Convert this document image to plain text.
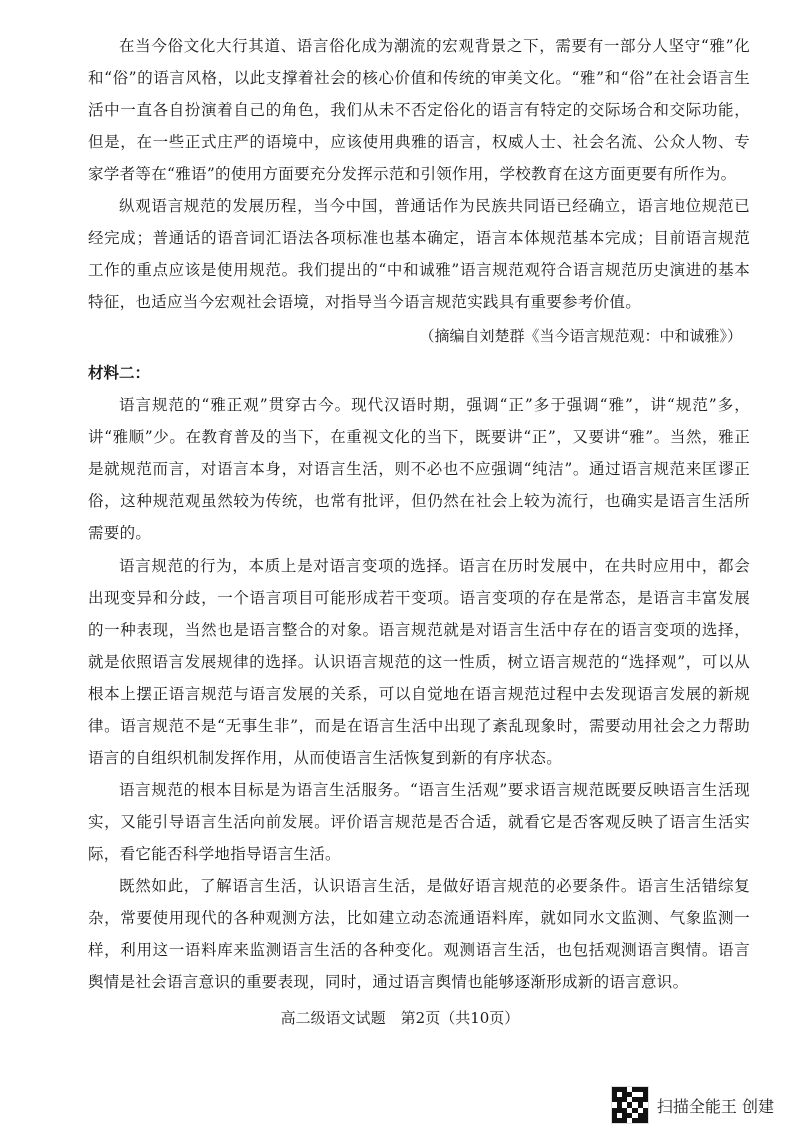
在当今俗文化大行其道、语言俗化成为潮流的宏观背景之下，需要有一部分人坚守“雅”化和“俗”的语言风格，以此支撑着社会的核心价值和传统的审美文化。“雅”和“俗”在社会语言生活中一直各自扮演着自己的角色，我们从未不否定俗化的语言有特定的交际场合和交际功能，但是，在一些正式庄严的语境中，应该使用典雅的语言，权威人士、社会名流、公众人物、专家学者等在“雅语”的使用方面要充分发挥示范和引领作用，学校教育在这方面更要有所作为。

纵观语言规范的发展历程，当今中国，普通话作为民族共同语已经确立，语言地位规范已经完成；普通话的语音词汇语法各项标准也基本确定，语言本体规范基本完成；目前语言规范工作的重点应该是使用规范。我们提出的“中和诚雅”语言规范观符合语言规范历史演进的基本特征，也适应当今宏观社会语境，对指导当今语言规范实践具有重要参考价值。

（摘编自刘楚群《当今语言规范观：中和诚雅》）
材料二：

语言规范的“雅正观”贯穿古今。现代汉语时期，强调“正”多于强调“雅”，讲“规范”多，讲“雅顺”少。在教育普及的当下，在重视文化的当下，既要讲“正”，又要讲“雅”。当然，雅正是就规范而言，对语言本身，对语言生活，则不必也不应强调“纯洁”。通过语言规范来匡谬正俗，这种规范观虽然较为传统，也常有批评，但仍然在社会上较为流行，也确实是语言生活所需要的。

语言规范的行为，本质上是对语言变项的选择。语言在历时发展中，在共时应用中，都会出现变异和分歧，一个语言项目可能形成若干变项。语言变项的存在是常态，是语言丰富发展的一种表现，当然也是语言整合的对象。语言规范就是对语言生活中存在的语言变项的选择，就是依照语言发展规律的选择。认识语言规范的这一性质，树立语言规范的“选择观”，可以从根本上摆正语言规范与语言发展的关系，可以自觉地在语言规范过程中去发现语言发展的新规律。语言规范不是“无事生非”，而是在语言生活中出现了紊乱现象时，需要动用社会之力帮助语言的自组织机制发挥作用，从而使语言生活恢复到新的有序状态。

语言规范的根本目标是为语言生活服务。“语言生活观”要求语言规范既要反映语言生活现实，又能引导语言生活向前发展。评价语言规范是否合适，就看它是否客观反映了语言生活实际，看它能否科学地指导语言生活。

既然如此，了解语言生活，认识语言生活，是做好语言规范的必要条件。语言生活错综复杂，常要使用现代的各种观测方法，比如建立动态流通语料库，就如同水文监测、气象监测一样，利用这一语料库来监测语言生活的各种变化。观测语言生活，也包括观测语言舆情。语言舆情是社会语言意识的重要表现，同时，通过语言舆情也能够逐渐形成新的语言意识。

高二级语文试题　第2页（共10页）
扫描全能王 创建
